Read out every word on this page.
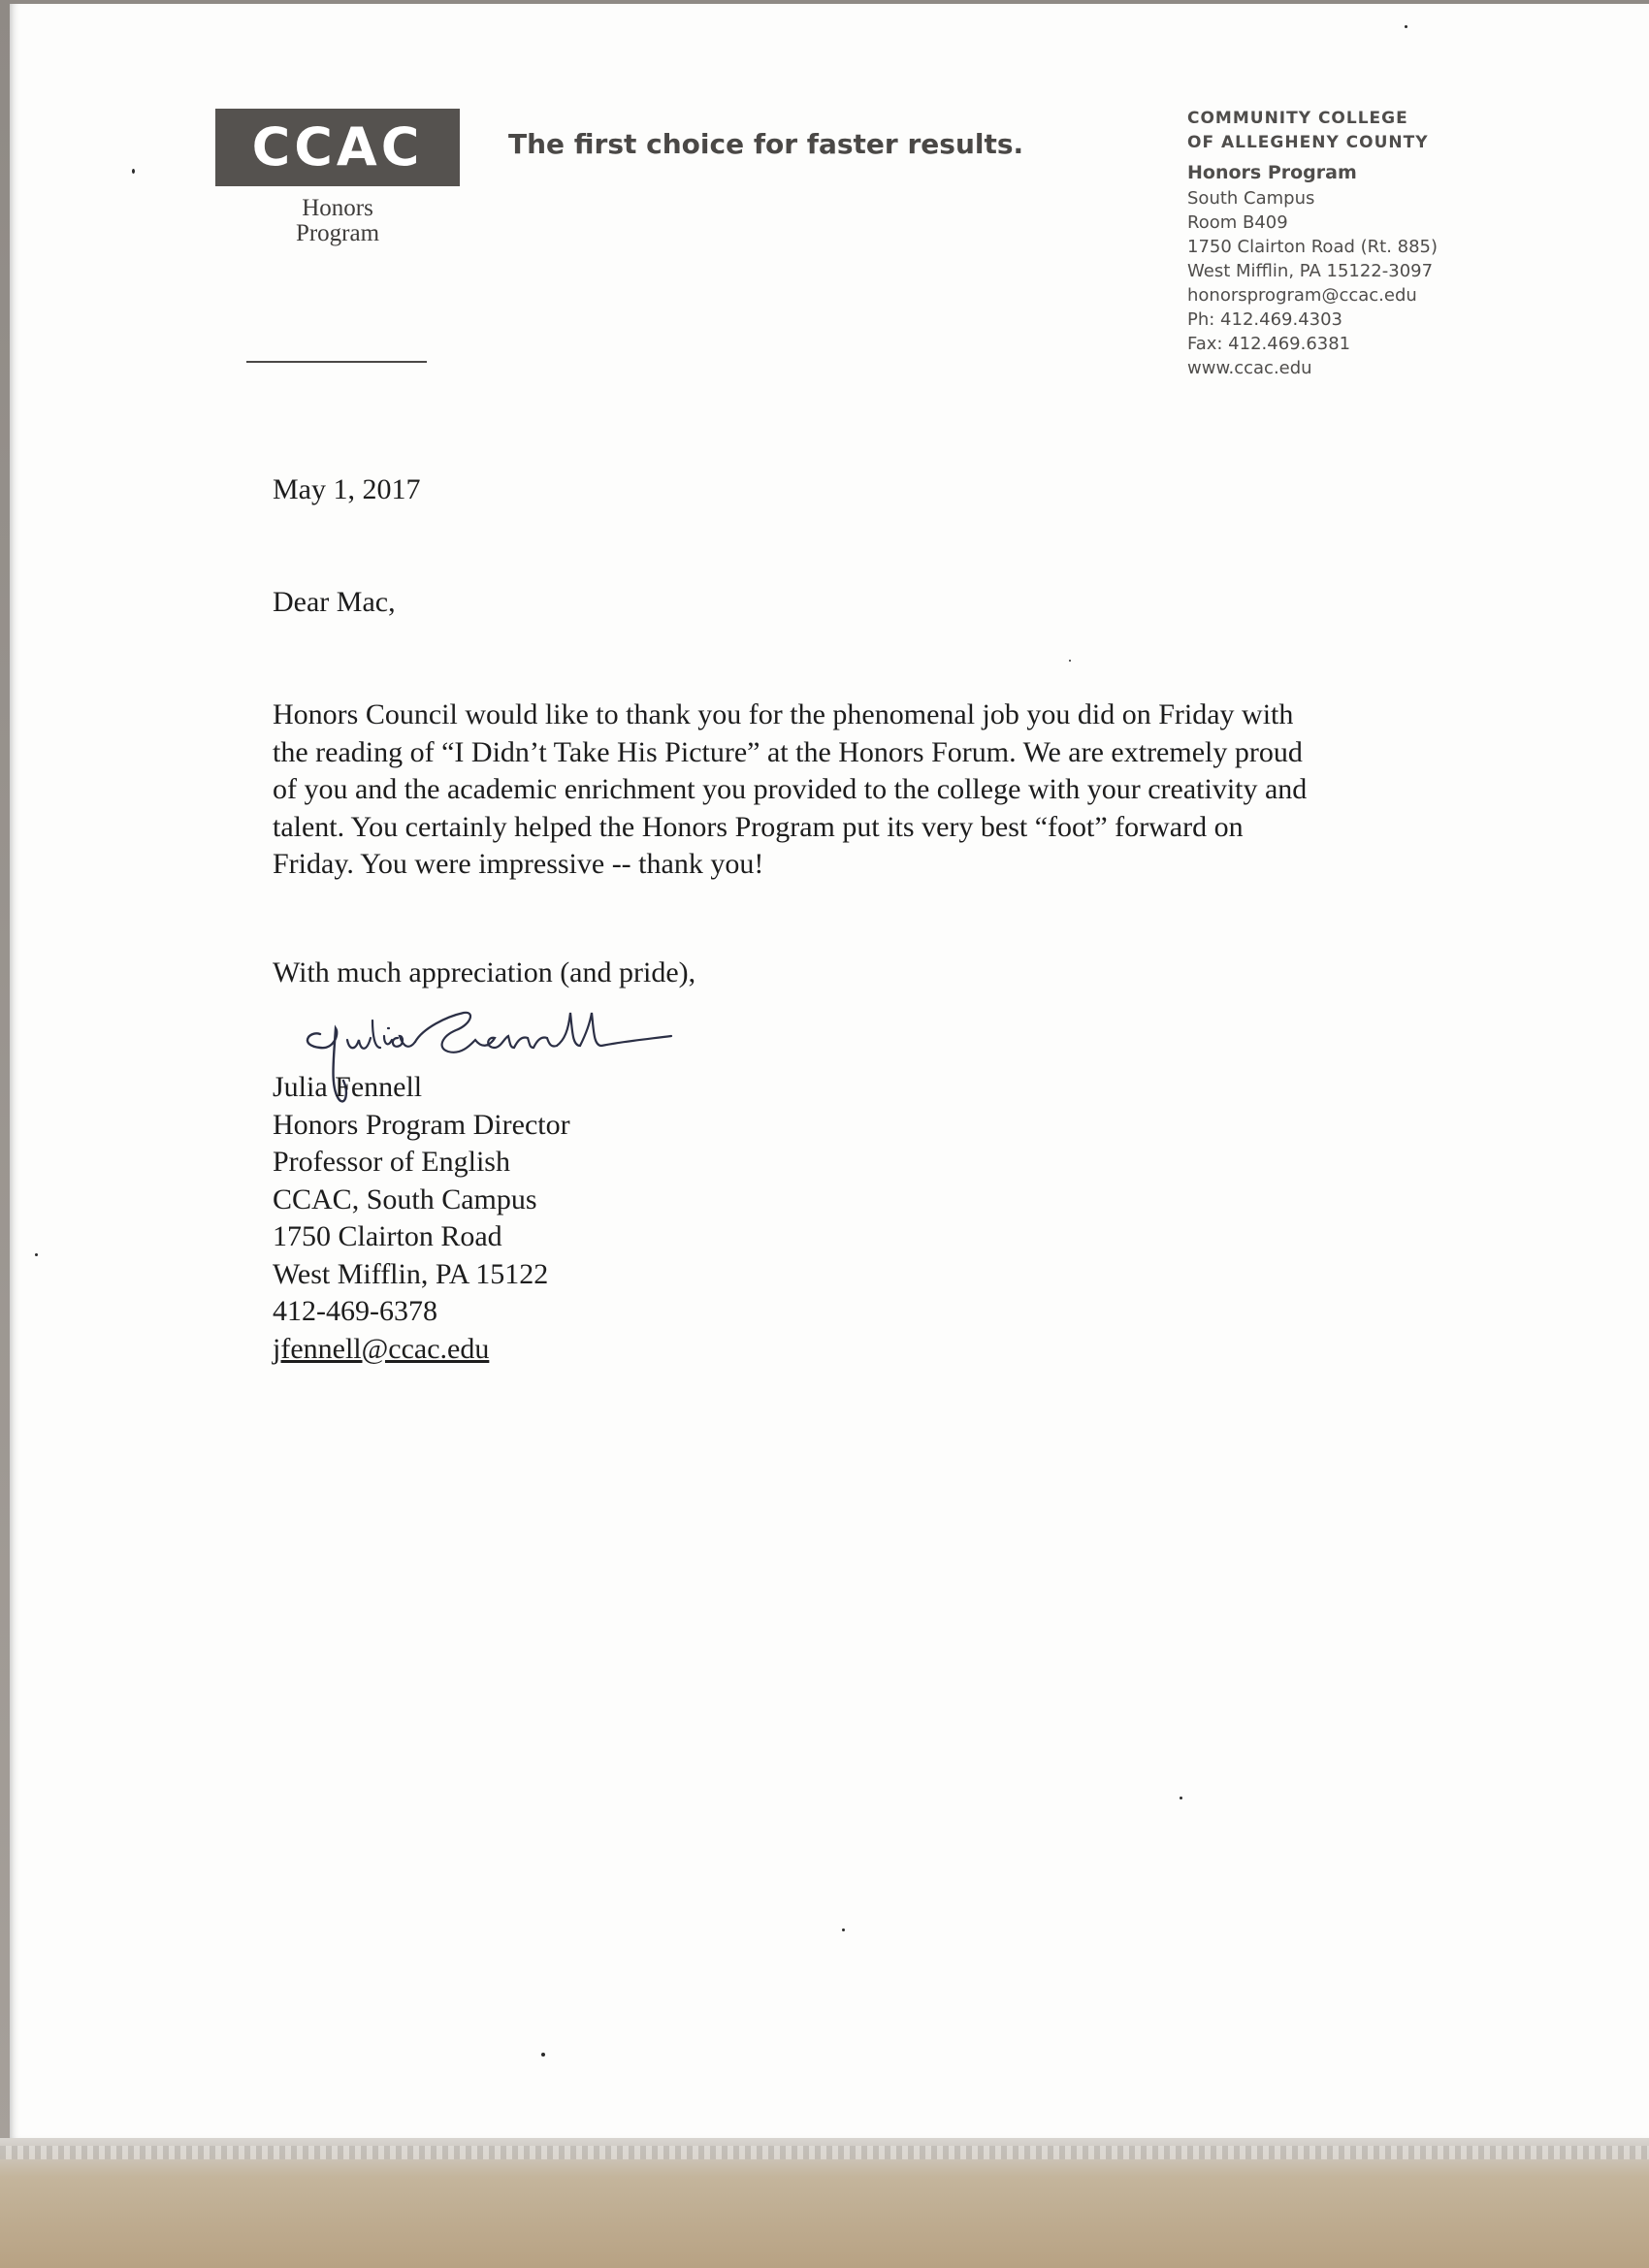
CCAC
Honors
Program
The first choice for faster results.
COMMUNITY COLLEGE
OF ALLEGHENY COUNTY
Honors Program
South Campus
Room B409
1750 Clairton Road (Rt. 885)
West Mifflin, PA 15122-3097
honorsprogram@ccac.edu
Ph: 412.469.4303
Fax: 412.469.6381
www.ccac.edu
May 1, 2017
Dear Mac,
Honors Council would like to thank you for the phenomenal job you did on Friday with
the reading of “I Didn’t Take His Picture” at the Honors Forum. We are extremely proud
of you and the academic enrichment you provided to the college with your creativity and
talent. You certainly helped the Honors Program put its very best “foot” forward on
Friday. You were impressive -- thank you!
With much appreciation (and pride),
Julia Fennell
Honors Program Director
Professor of English
CCAC, South Campus
1750 Clairton Road
West Mifflin, PA 15122
412-469-6378
jfennell@ccac.edu
